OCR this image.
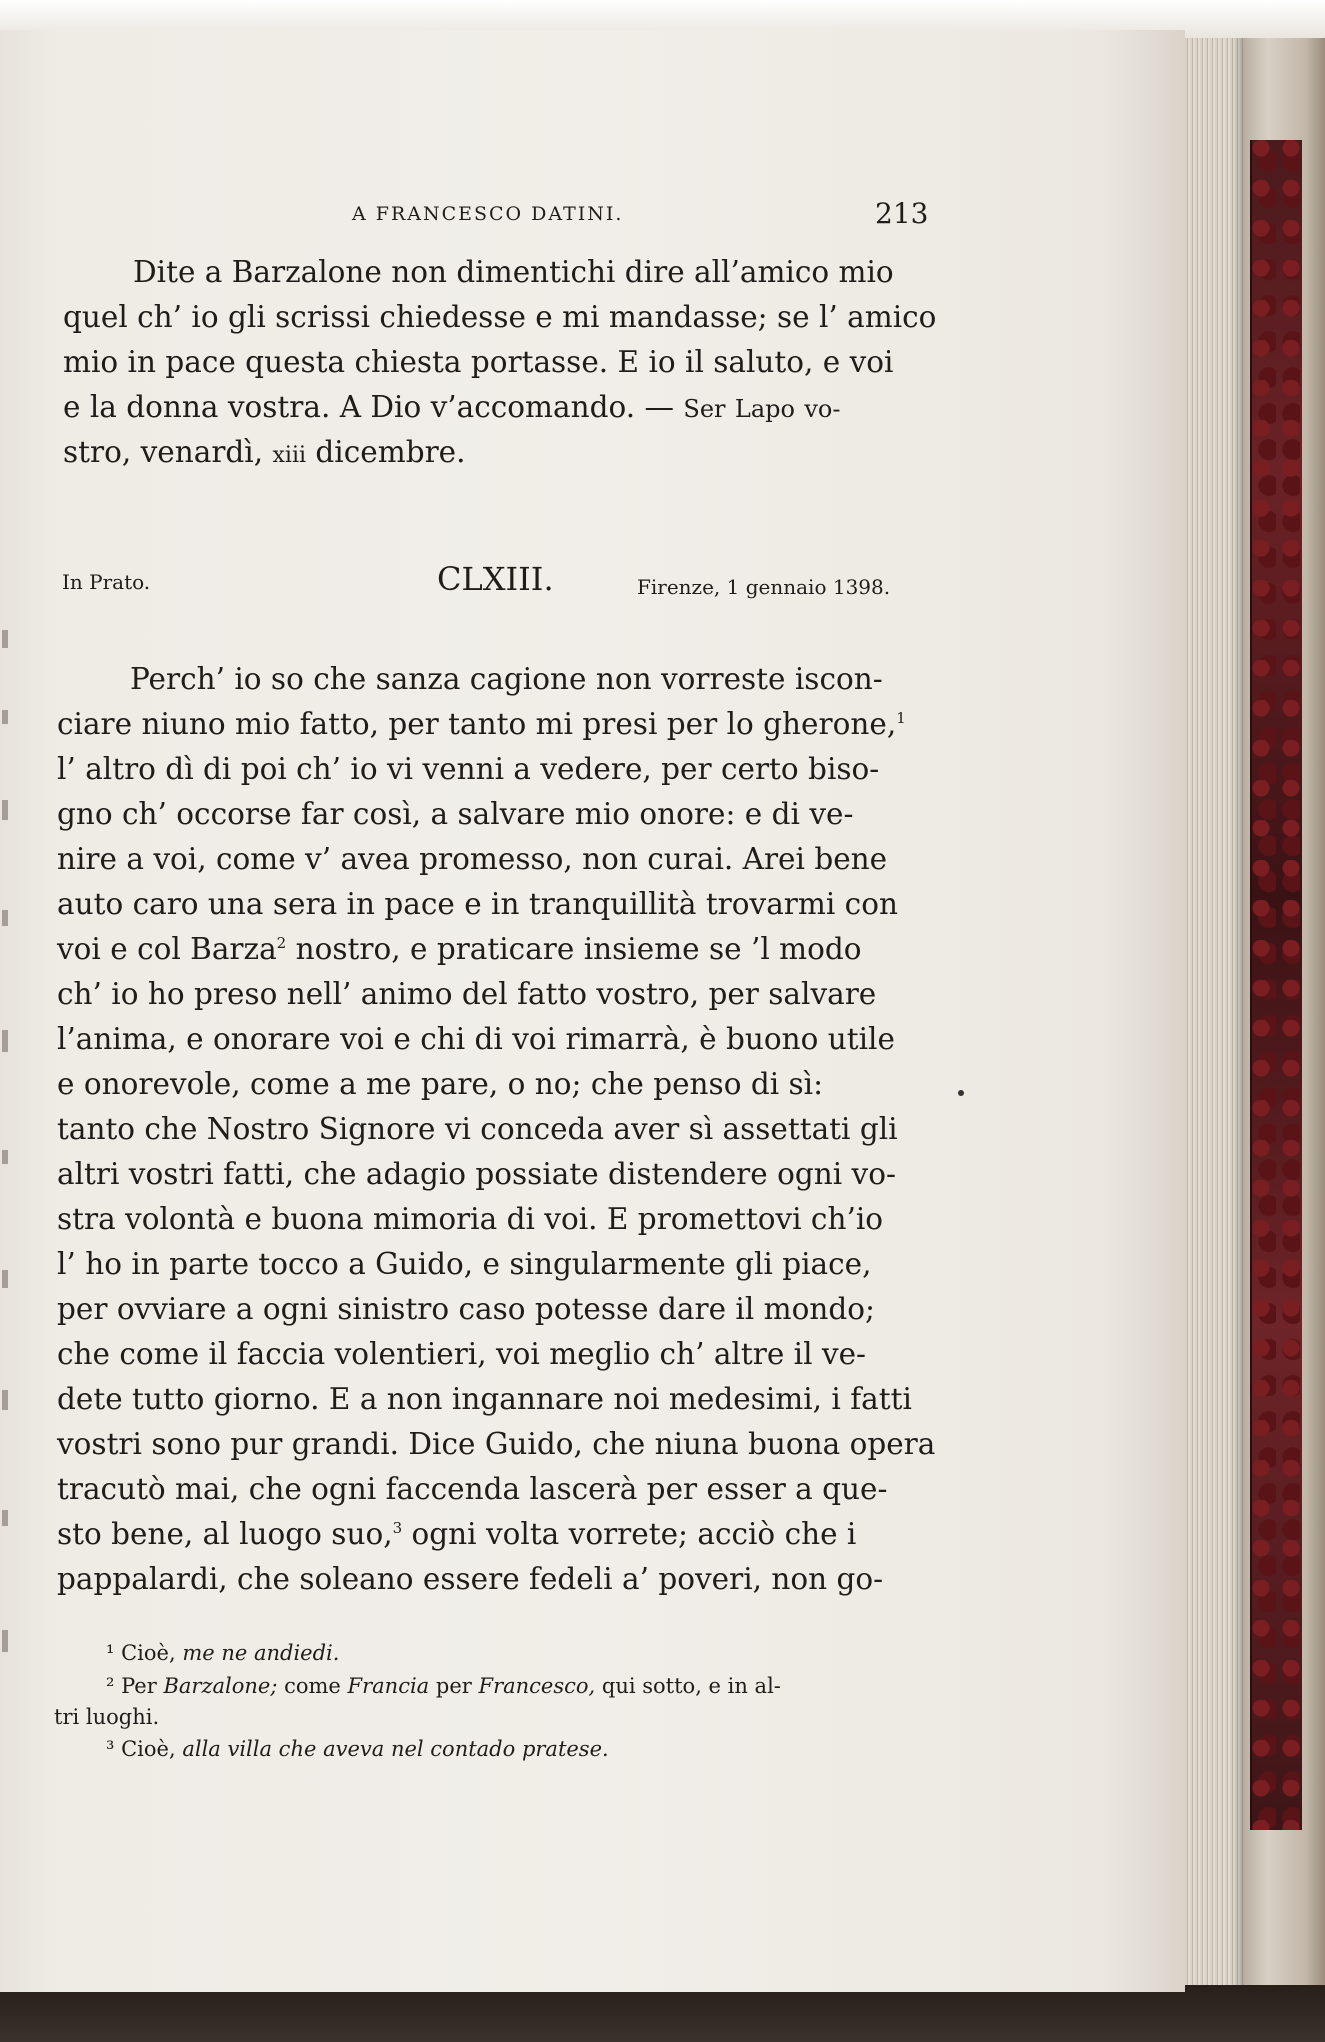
A FRANCESCO DATINI.	213
Dite a Barzalone non dimentichi dire all’amico mio
quel ch’ io gli scrissi chiedesse e mi mandasse; se l’ amico
mio in pace questa chiesta portasse. E io il saluto, e voi
e la donna vostra. A Dio v’accomando. — Ser Lapo vo-
stro, venardì, xiii dicembre.
In Prato.	CLXIII.	Firenze, 1 gennaio 1398.
Perch’ io so che sanza cagione non vorreste iscon-
ciare niuno mio fatto, per tanto mi presi per lo gherone,$^1$
l’ altro dì di poi ch’ io vi venni a vedere, per certo biso-
gno ch’ occorse far così, a salvare mio onore: e di ve-
nire a voi, come v’ avea promesso, non curai. Arei bene
auto caro una sera in pace e in tranquillità trovarmi con
voi e col Barza$^2$ nostro, e praticare insieme se ’l modo
ch’ io ho preso nell’ animo del fatto vostro, per salvare
l’anima, e onorare voi e chi di voi rimarrà, è buono utile
e onorevole, come a me pare, o no; che penso di sì:
tanto che Nostro Signore vi conceda aver sì assettati gli
altri vostri fatti, che adagio possiate distendere ogni vo-
stra volontà e buona mimoria di voi. E promettovi ch’io
l’ ho in parte tocco a Guido, e singularmente gli piace,
per ovviare a ogni sinistro caso potesse dare il mondo;
che come il faccia volentieri, voi meglio ch’ altre il ve-
dete tutto giorno. E a non ingannare noi medesimi, i fatti
vostri sono pur grandi. Dice Guido, che niuna buona opera
tracutò mai, che ogni faccenda lascerà per esser a que-
sto bene, al luogo suo,$^3$ ogni volta vorrete; acciò che i
pappalardi, che soleano essere fedeli a’ poveri, non go-
¹ Cioè, me ne andiedi.
² Per Barzalone; come Francia per Francesco, qui sotto, e in al-
tri luoghi.
³ Cioè, alla villa che aveva nel contado pratese.
